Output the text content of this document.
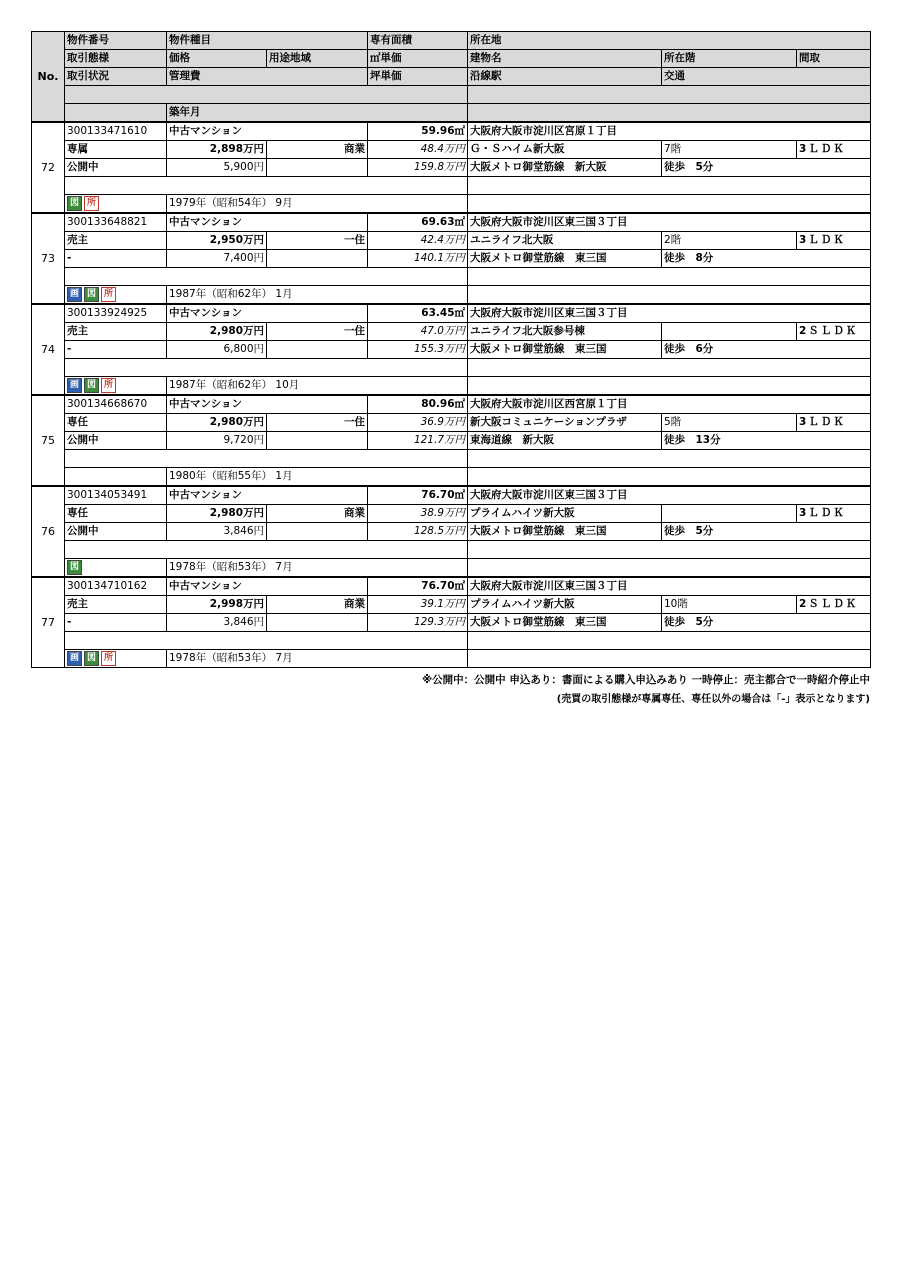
No.	物件番号	物件種目		専有面積	所在地		
	取引態様	価格	用途地域	㎡単価	建物名	所在階	間取
	取引状況	管理費		坪単価	沿線駅	交通	

		築年月					
72	300133471610	中古マンション		59.96㎡	大阪府大阪市淀川区宮原１丁目		
	専属	2,898万円	商業	48.4万円	Ｇ・Ｓハイム新大阪	7階	3ＬＤＫ
	公開中	5,900円		159.8万円	大阪メトロ御堂筋線　新大阪	徒歩　5分	

	図 所	1979年（昭和54年） 9月					
73	300133648821	中古マンション		69.63㎡	大阪府大阪市淀川区東三国３丁目		
	売主	2,950万円	一住	42.4万円	ユニライフ北大阪	2階	3ＬＤＫ
	-	7,400円		140.1万円	大阪メトロ御堂筋線　東三国	徒歩　8分	

	画 図 所	1987年（昭和62年） 1月					
74	300133924925	中古マンション		63.45㎡	大阪府大阪市淀川区東三国３丁目		
	売主	2,980万円	一住	47.0万円	ユニライフ北大阪参号棟		2ＳＬＤＫ
	-	6,800円		155.3万円	大阪メトロ御堂筋線　東三国	徒歩　6分	

	画 図 所	1987年（昭和62年） 10月					
75	300134668670	中古マンション		80.96㎡	大阪府大阪市淀川区西宮原１丁目		
	専任	2,980万円	一住	36.9万円	新大阪コミュニケーションプラザ	5階	3ＬＤＫ
	公開中	9,720円		121.7万円	東海道線　新大阪	徒歩　13分	

		1980年（昭和55年） 1月					
76	300134053491	中古マンション		76.70㎡	大阪府大阪市淀川区東三国３丁目		
	専任	2,980万円	商業	38.9万円	プライムハイツ新大阪		3ＬＤＫ
	公開中	3,846円		128.5万円	大阪メトロ御堂筋線　東三国	徒歩　5分	

	図	1978年（昭和53年） 7月					
77	300134710162	中古マンション		76.70㎡	大阪府大阪市淀川区東三国３丁目		
	売主	2,998万円	商業	39.1万円	プライムハイツ新大阪	10階	2ＳＬＤＫ
	-	3,846円		129.3万円	大阪メトロ御堂筋線　東三国	徒歩　5分	

	画 図 所	1978年（昭和53年） 7月					
※公開中：公開中 申込あり：書面による購入申込みあり 一時停止：売主都合で一時紹介停止中
(売買の取引態様が専属専任、専任以外の場合は「-」表示となります)
